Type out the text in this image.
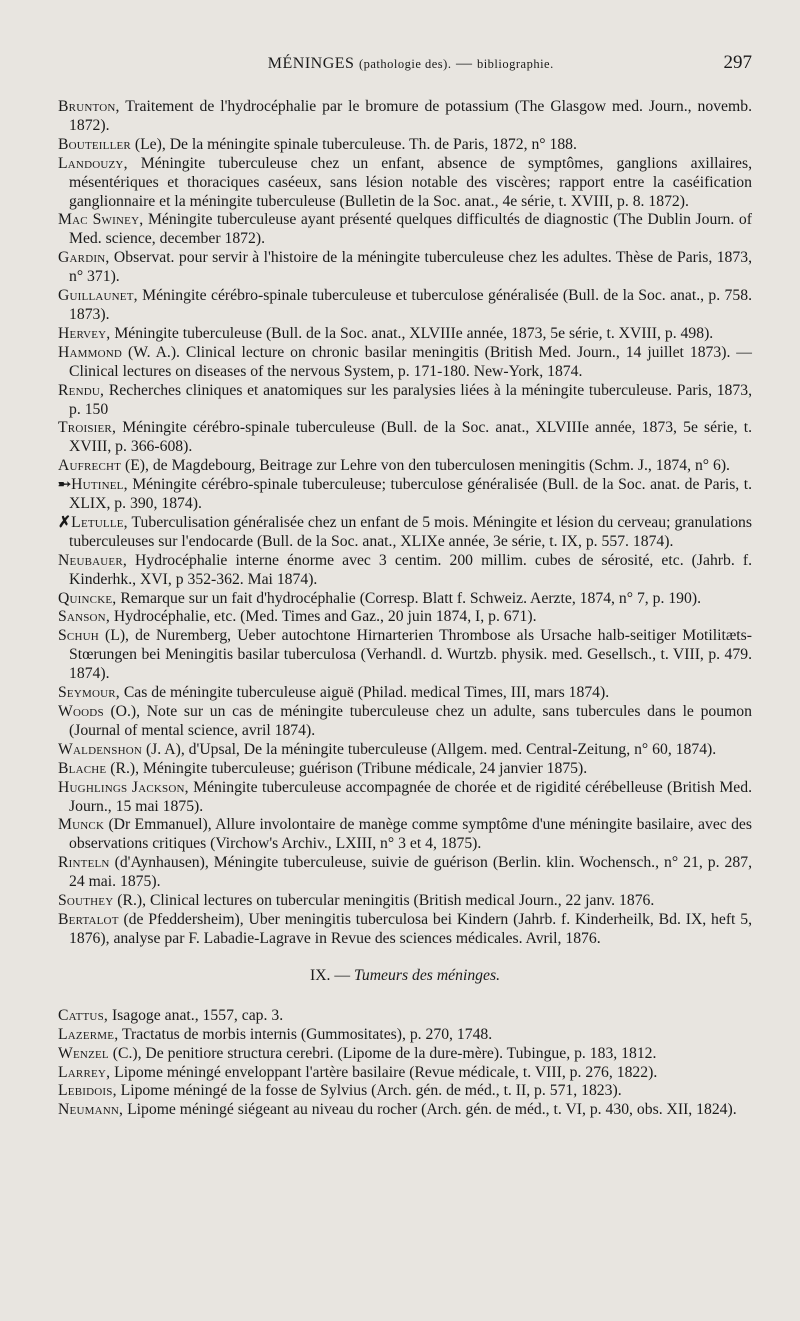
MÉNINGES (pathologie des). — bibliographie.	297
Brunton, Traitement de l'hydrocéphalie par le bromure de potassium (The Glasgow med. Journ., novemb. 1872).
Bouteiller (Le), De la méningite spinale tuberculeuse. Th. de Paris, 1872, n° 188.
Landouzy, Méningite tuberculeuse chez un enfant, absence de symptômes, ganglions axillaires, mésentériques et thoraciques caséeux, sans lésion notable des viscères; rapport entre la caséification ganglionnaire et la méningite tuberculeuse (Bulletin de la Soc. anat., 4e série, t. XVIII, p. 8. 1872).
Mac Swiney, Méningite tuberculeuse ayant présenté quelques difficultés de diagnostic (The Dublin Journ. of Med. science, december 1872).
Gardin, Observat. pour servir à l'histoire de la méningite tuberculeuse chez les adultes. Thèse de Paris, 1873, n° 371).
Guillaunet, Méningite cérébro-spinale tuberculeuse et tuberculose généralisée (Bull. de la Soc. anat., p. 758. 1873).
Hervey, Méningite tuberculeuse (Bull. de la Soc. anat., XLVIIIe année, 1873, 5e série, t. XVIII, p. 498).
Hammond (W. A.). Clinical lecture on chronic basilar meningitis (British Med. Journ., 14 juillet 1873). — Clinical lectures on diseases of the nervous System, p. 171-180. New-York, 1874.
Rendu, Recherches cliniques et anatomiques sur les paralysies liées à la méningite tuberculeuse. Paris, 1873, p. 150
Troisier, Méningite cérébro-spinale tuberculeuse (Bull. de la Soc. anat., XLVIIIe année, 1873, 5e série, t. XVIII, p. 366-608).
Aufrecht (E), de Magdebourg, Beitrage zur Lehre von den tuberculosen meningitis (Schm. J., 1874, n° 6).
➸Hutinel, Méningite cérébro-spinale tuberculeuse; tuberculose généralisée (Bull. de la Soc. anat. de Paris, t. XLIX, p. 390, 1874).
✗Letulle, Tuberculisation généralisée chez un enfant de 5 mois. Méningite et lésion du cerveau; granulations tuberculeuses sur l'endocarde (Bull. de la Soc. anat., XLIXe année, 3e série, t. IX, p. 557. 1874).
Neubauer, Hydrocéphalie interne énorme avec 3 centim. 200 millim. cubes de sérosité, etc. (Jahrb. f. Kinderhk., XVI, p 352-362. Mai 1874).
Quincke, Remarque sur un fait d'hydrocéphalie (Corresp. Blatt f. Schweiz. Aerzte, 1874, n° 7, p. 190).
Sanson, Hydrocéphalie, etc. (Med. Times and Gaz., 20 juin 1874, I, p. 671).
Schuh (L), de Nuremberg, Ueber autochtone Hirnarterien Thrombose als Ursache halb-seitiger Motilitæts-Stœrungen bei Meningitis basilar tuberculosa (Verhandl. d. Wurtzb. physik. med. Gesellsch., t. VIII, p. 479. 1874).
Seymour, Cas de méningite tuberculeuse aiguë (Philad. medical Times, III, mars 1874).
Woods (O.), Note sur un cas de méningite tuberculeuse chez un adulte, sans tubercules dans le poumon (Journal of mental science, avril 1874).
Waldenshon (J. A), d'Upsal, De la méningite tuberculeuse (Allgem. med. Central-Zeitung, n° 60, 1874).
Blache (R.), Méningite tuberculeuse; guérison (Tribune médicale, 24 janvier 1875).
Hughlings Jackson, Méningite tuberculeuse accompagnée de chorée et de rigidité cérébelleuse (British Med. Journ., 15 mai 1875).
Munck (Dr Emmanuel), Allure involontaire de manège comme symptôme d'une méningite basilaire, avec des observations critiques (Virchow's Archiv., LXIII, n° 3 et 4, 1875).
Rinteln (d'Aynhausen), Méningite tuberculeuse, suivie de guérison (Berlin. klin. Wochensch., n° 21, p. 287, 24 mai. 1875).
Southey (R.), Clinical lectures on tubercular meningitis (British medical Journ., 22 janv. 1876.
Bertalot (de Pfeddersheim), Uber meningitis tuberculosa bei Kindern (Jahrb. f. Kinderheilk, Bd. IX, heft 5, 1876), analyse par F. Labadie-Lagrave in Revue des sciences médicales. Avril, 1876.
IX. — Tumeurs des méninges.
Cattus, Isagoge anat., 1557, cap. 3.
Lazerme, Tractatus de morbis internis (Gummositates), p. 270, 1748.
Wenzel (C.), De penitiore structura cerebri. (Lipome de la dure-mère). Tubingue, p. 183, 1812.
Larrey, Lipome méningé enveloppant l'artère basilaire (Revue médicale, t. VIII, p. 276, 1822).
Lebidois, Lipome méningé de la fosse de Sylvius (Arch. gén. de méd., t. II, p. 571, 1823).
Neumann, Lipome méningé siégeant au niveau du rocher (Arch. gén. de méd., t. VI, p. 430, obs. XII, 1824).
